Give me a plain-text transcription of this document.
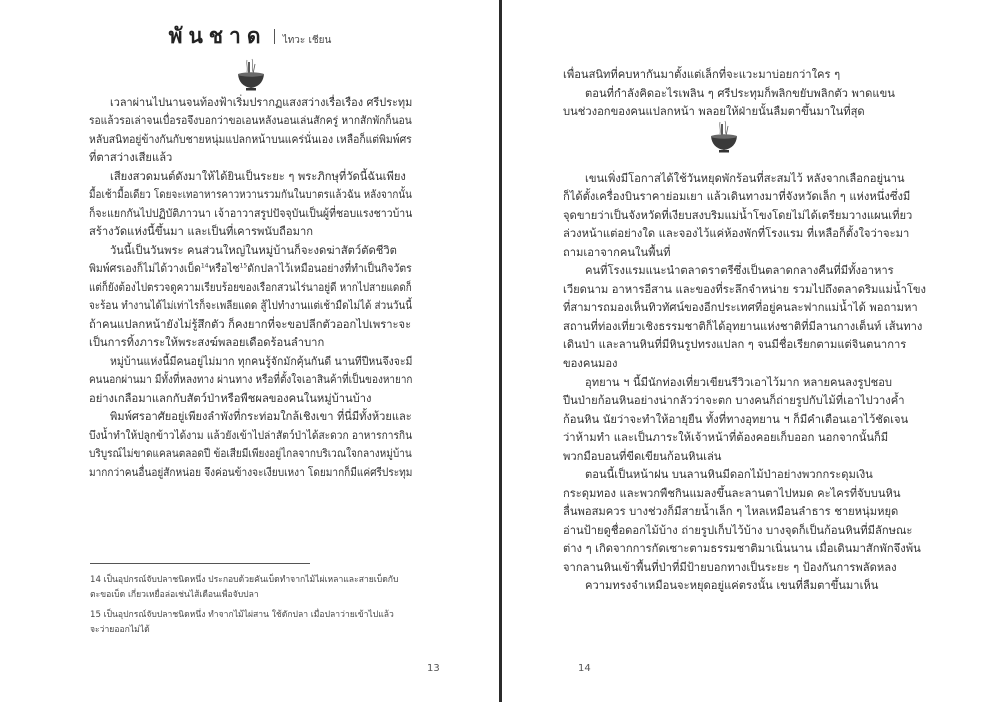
พันชาด ไทวะ เชียน
เวลาผ่านไปนานจนท้องฟ้าเริ่มปรากฏแสงสว่างเรื่อเรือง ศรีประทุม
รอแล้วรอเล่าจนเบื่อรอจึงบอกว่าขอเอนหลังนอนเล่นสักครู่ หากสักพักก็นอน
หลับสนิทอยู่ข้างกันกับชายหนุ่มแปลกหน้าบนแคร่นั่นเอง เหลือก็แต่พิมพ์ศร
ที่ตาสว่างเสียแล้ว
เสียงสวดมนต์ดังมาให้ได้ยินเป็นระยะ ๆ พระภิกษุที่วัดนี้ฉันเพียง
มื้อเช้ามื้อเดียว โดยจะเทอาหารคาวหวานรวมกันในบาตรแล้วฉัน หลังจากนั้น
ก็จะแยกกันไปปฏิบัติภาวนา เจ้าอาวาสรูปปัจจุบันเป็นผู้ที่ชอบแรงชาวบ้าน
สร้างวัดแห่งนี้ขึ้นมา และเป็นที่เคารพนับถือมาก
วันนี้เป็นวันพระ คนส่วนใหญ่ในหมู่บ้านก็จะงดฆ่าสัตว์ตัดชีวิต
พิมพ์ศรเองก็ไม่ได้วางเบ็ด$^{14}$หรือไซ$^{15}$ดักปลาไว้เหมือนอย่างที่ทำเป็นกิจวัตร
แต่ก็ยังต้องไปตรวจดูความเรียบร้อยของเรือกสวนไร่นาอยู่ดี หากไปสายแดดก็
จะร้อน ทำงานได้ไม่เท่าไรก็จะเพลียแดด สู้ไปทำงานแต่เช้ามืดไม่ได้ ส่วนวันนี้
ถ้าคนแปลกหน้ายังไม่รู้สึกตัว ก็คงยากที่จะขอปลีกตัวออกไปเพราะจะ
เป็นการทิ้งภาระให้พระสงฆ์พลอยเดือดร้อนลำบาก
หมู่บ้านแห่งนี้มีคนอยู่ไม่มาก ทุกคนรู้จักมักคุ้นกันดี นานทีปีหนจึงจะมี
คนนอกผ่านมา มีทั้งที่หลงทาง ผ่านทาง หรือที่ตั้งใจเอาสินค้าที่เป็นของหายาก
อย่างเกลือมาแลกกับสัตว์ป่าหรือพืชผลของคนในหมู่บ้านบ้าง
พิมพ์ศรอาศัยอยู่เพียงลำพังที่กระท่อมใกล้เชิงเขา ที่นี่มีทั้งห้วยและ
บึงน้ำทำให้ปลูกข้าวได้งาม แล้วยังเข้าไปล่าสัตว์ป่าได้สะดวก อาหารการกิน
บริบูรณ์ไม่ขาดแคลนตลอดปี ข้อเสียมีเพียงอยู่ไกลจากบริเวณใจกลางหมู่บ้าน
มากกว่าคนอื่นอยู่สักหน่อย จึงค่อนข้างจะเงียบเหงา โดยมากก็มีแค่ศรีประทุม
14 เป็นอุปกรณ์จับปลาชนิดหนึ่ง ประกอบด้วยคันเบ็ดทำจากไม้ไผ่เหลาและสายเบ็ดกับ
ตะขอเบ็ด เกี่ยวเหยื่อล่อเช่นไส้เดือนเพื่อจับปลา
15 เป็นอุปกรณ์จับปลาชนิดหนึ่ง ทำจากไม้ไผ่สาน ใช้ดักปลา เมื่อปลาว่ายเข้าไปแล้ว
จะว่ายออกไม่ได้
13
เพื่อนสนิทที่คบหากันมาตั้งแต่เล็กที่จะแวะมาบ่อยกว่าใคร ๆ
ตอนที่กำลังคิดอะไรเพลิน ๆ ศรีประทุมก็พลิกขยับพลิกตัว พาดแขน
บนช่วงอกของคนแปลกหน้า พลอยให้ฝ่ายนั้นลืมตาขึ้นมาในที่สุด
เขนเพิ่งมีโอกาสได้ใช้วันหยุดพักร้อนที่สะสมไว้ หลังจากเลือกอยู่นาน
ก็ได้ตั้งเครื่องบินราคาย่อมเยา แล้วเดินทางมาที่จังหวัดเล็ก ๆ แห่งหนึ่งซึ่งมี
จุดขายว่าเป็นจังหวัดที่เงียบสงบริมแม่น้ำโขงโดยไม่ได้เตรียมวางแผนเที่ยว
ล่วงหน้าแต่อย่างใด และจองไว้แค่ห้องพักที่โรงแรม ที่เหลือก็ตั้งใจว่าจะมา
ถามเอาจากคนในพื้นที่
คนที่โรงแรมแนะนำตลาดราตรีซึ่งเป็นตลาดกลางคืนที่มีทั้งอาหาร
เวียดนาม อาหารอีสาน และของที่ระลึกจำหน่าย รวมไปถึงตลาดริมแม่น้ำโขง
ที่สามารถมองเห็นทิวทัศน์ของอีกประเทศที่อยู่คนละฟากแม่น้ำได้ พอถามหา
สถานที่ท่องเที่ยวเชิงธรรมชาติก็ได้อุทยานแห่งชาติที่มีลานกางเต็นท์ เส้นทาง
เดินป่า และลานหินที่มีหินรูปทรงแปลก ๆ จนมีชื่อเรียกตามแต่จินตนาการ
ของคนมอง
อุทยาน ฯ นี้มีนักท่องเที่ยวเขียนรีวิวเอาไว้มาก หลายคนลงรูปชอบ
ปีนป่ายก้อนหินอย่างน่ากลัวว่าจะตก บางคนก็ถ่ายรูปกับไม้ที่เอาไปวางค้ำ
ก้อนหิน นัยว่าจะทำให้อายุยืน ทั้งที่ทางอุทยาน ฯ ก็มีคำเตือนเอาไว้ชัดเจน
ว่าห้ามทำ และเป็นภาระให้เจ้าหน้าที่ต้องคอยเก็บออก นอกจากนั้นก็มี
พวกมือบอนที่ขีดเขียนก้อนหินเล่น
ตอนนี้เป็นหน้าฝน บนลานหินมีดอกไม้ป่าอย่างพวกกระดุมเงิน
กระดุมทอง และพวกพืชกินแมลงขึ้นละลานตาไปหมด คะไครที่จับบนหิน
ลื่นพอสมควร บางช่วงก็มีสายน้ำเล็ก ๆ ไหลเหมือนลำธาร ชายหนุ่มหยุด
อ่านป้ายดูชื่อดอกไม้บ้าง ถ่ายรูปเก็บไว้บ้าง บางจุดก็เป็นก้อนหินที่มีลักษณะ
ต่าง ๆ เกิดจากการกัดเซาะตามธรรมชาติมาเนิ่นนาน เมื่อเดินมาสักพักจึงพ้น
จากลานหินเข้าพื้นที่ป่าที่มีป้ายบอกทางเป็นระยะ ๆ ป้องกันการพลัดหลง
ความทรงจำเหมือนจะหยุดอยู่แค่ตรงนั้น เขนที่ลืมตาขึ้นมาเห็น
14
